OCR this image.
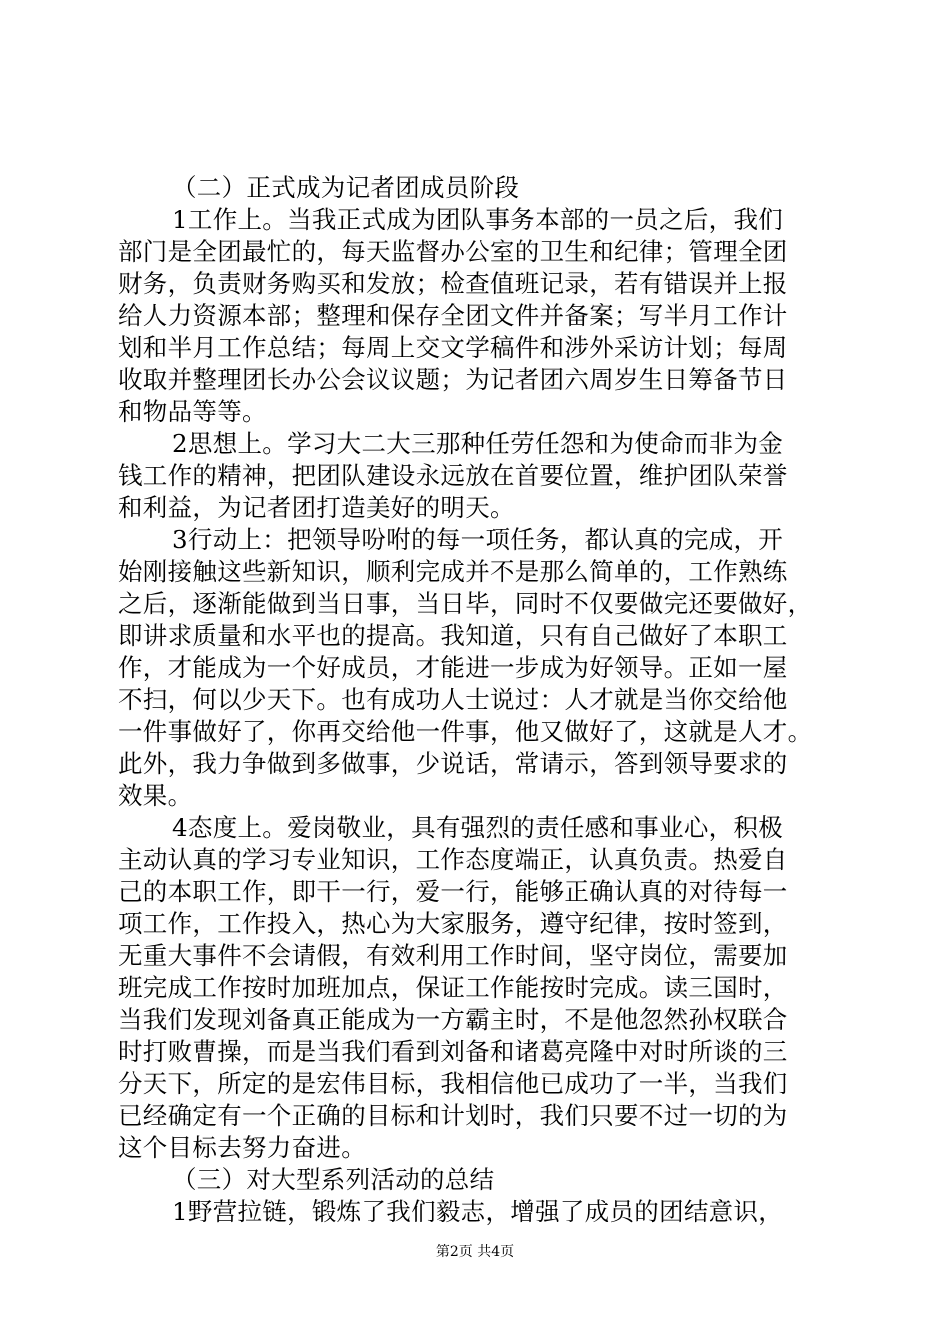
（二）正式成为记者团成员阶段
1工作上。当我正式成为团队事务本部的一员之后，我们
部门是全团最忙的，每天监督办公室的卫生和纪律；管理全团
财务，负责财务购买和发放；检查值班记录，若有错误并上报
给人力资源本部；整理和保存全团文件并备案；写半月工作计
划和半月工作总结；每周上交文学稿件和涉外采访计划；每周
收取并整理团长办公会议议题；为记者团六周岁生日筹备节日
和物品等等。
2思想上。学习大二大三那种任劳任怨和为使命而非为金
钱工作的精神，把团队建设永远放在首要位置，维护团队荣誉
和利益，为记者团打造美好的明天。
3行动上：把领导吩咐的每一项任务，都认真的完成，开
始刚接触这些新知识，顺利完成并不是那么简单的，工作熟练
之后，逐渐能做到当日事，当日毕，同时不仅要做完还要做好，
即讲求质量和水平也的提高。我知道，只有自己做好了本职工
作，才能成为一个好成员，才能进一步成为好领导。正如一屋
不扫，何以少天下。也有成功人士说过：人才就是当你交给他
一件事做好了，你再交给他一件事，他又做好了，这就是人才。
此外，我力争做到多做事，少说话，常请示，答到领导要求的
效果。
4态度上。爱岗敬业，具有强烈的责任感和事业心，积极
主动认真的学习专业知识，工作态度端正，认真负责。热爱自
己的本职工作，即干一行，爱一行，能够正确认真的对待每一
项工作，工作投入，热心为大家服务，遵守纪律，按时签到，
无重大事件不会请假，有效利用工作时间，坚守岗位，需要加
班完成工作按时加班加点，保证工作能按时完成。读三国时，
当我们发现刘备真正能成为一方霸主时，不是他忽然孙权联合
时打败曹操，而是当我们看到刘备和诸葛亮隆中对时所谈的三
分天下，所定的是宏伟目标，我相信他已成功了一半，当我们
已经确定有一个正确的目标和计划时，我们只要不过一切的为
这个目标去努力奋进。
（三）对大型系列活动的总结
1野营拉链，锻炼了我们毅志，增强了成员的团结意识，
第2页 共4页
